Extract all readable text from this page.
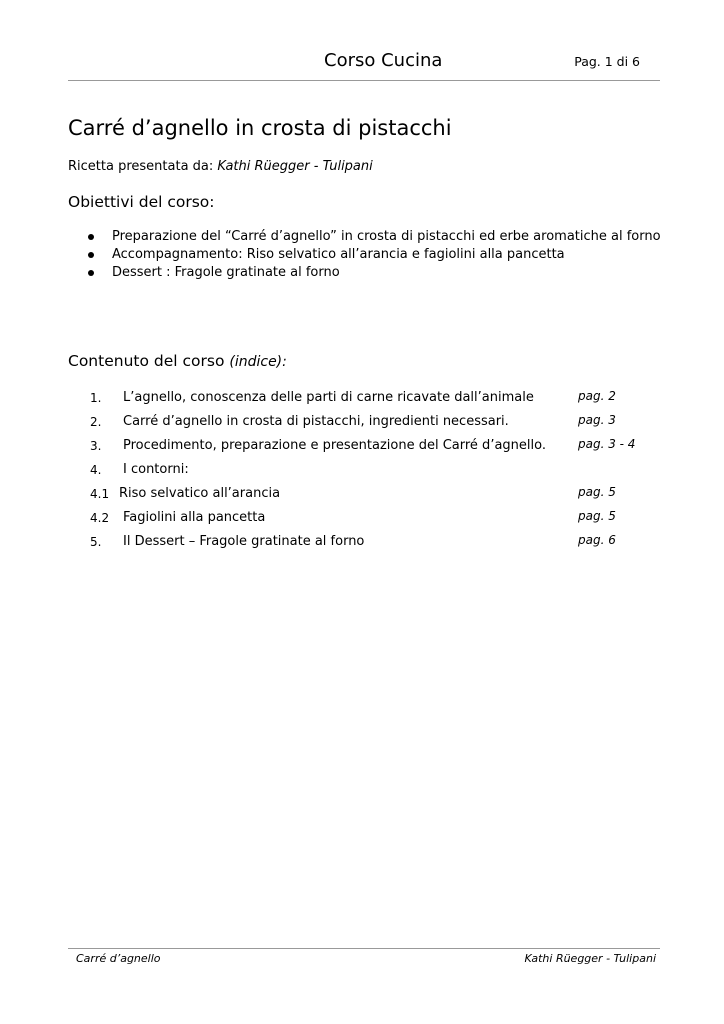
Corso Cucina	Pag. 1 di 6
Carré d’agnello in crosta di pistacchi
Ricetta presentata da: Kathi Rüegger - Tulipani
Obiettivi del corso:
Preparazione del “Carré d’agnello” in crosta di pistacchi ed erbe aromatiche al forno
Accompagnamento: Riso selvatico all’arancia e fagiolini alla pancetta
Dessert : Fragole gratinate al forno
Contenuto del corso (indice):
1. L’agnello, conoscenza delle parti di carne ricavate dall’animale	pag. 2
2. Carré d’agnello in crosta di pistacchi, ingredienti necessari.	pag. 3
3. Procedimento, preparazione e presentazione del Carré d’agnello.	pag. 3 - 4
4. I contorni:
4.1 Riso selvatico all’arancia	pag. 5
4.2 Fagiolini alla pancetta	pag. 5
5. Il Dessert – Fragole gratinate al forno	pag. 6
Carré d’agnello	Kathi Rüegger - Tulipani
